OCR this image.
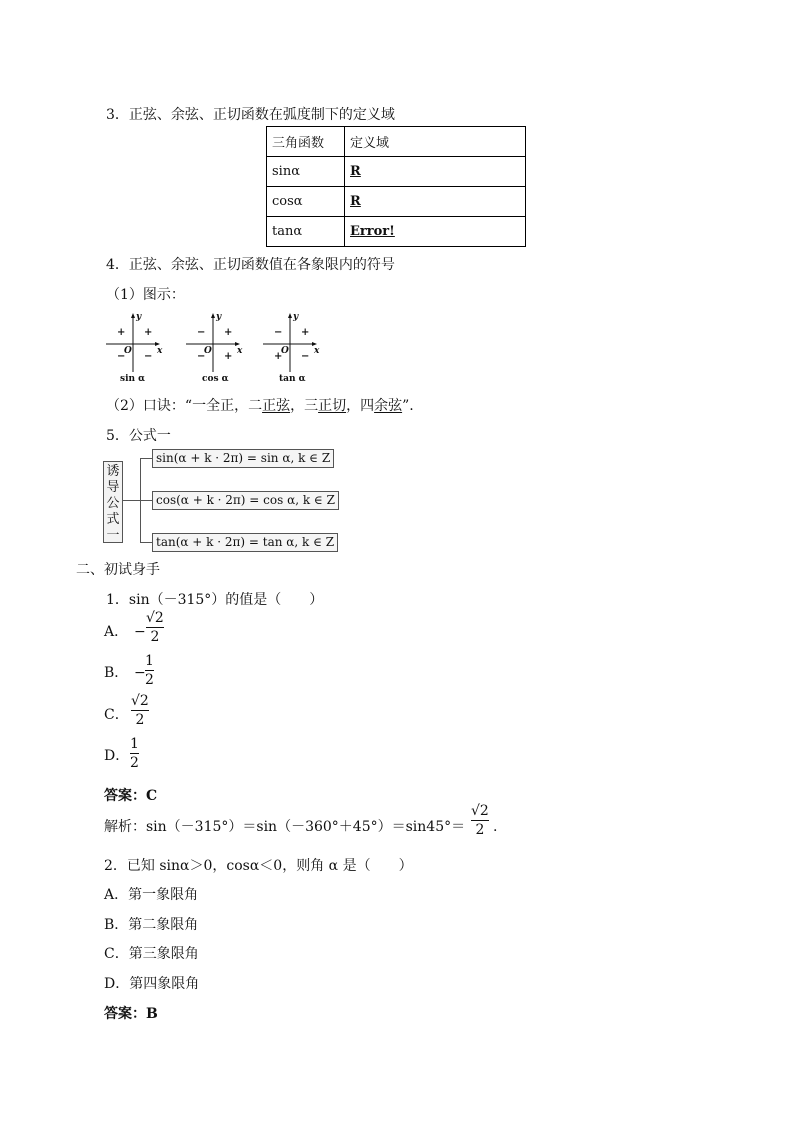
3．正弦、余弦、正切函数在弧度制下的定义域
三角函数	定义域
sinα	R
cosα	R
tanα	Error!
4．正弦、余弦、正切函数值在各象限内的符号
（1）图示：
y
x
O
+
+
− −
sin α
y
x
O
+
−
− +
cos α
y
x
O
+
−
+ −
tan α
（2）口诀：“一全正，二正弦，三正切，四余弦”.
5．公式一
诱
导
公
式
一
sin(α + k · 2π) = sin α, k ∈ Z
cos(α + k · 2π) = cos α, k ∈ Z
tan(α + k · 2π) = tan α, k ∈ Z
二、初试身手
1．sin（－315°）的值是（　　）
A． −
√2
2
B． −
1
2
C．
√2
2
D．
1
2
答案：C
解析：sin（－315°）＝sin（－360°＋45°）＝sin45°＝
√2
2 .
2．已知 sinα＞0，cosα＜0，则角 α 是（　　）
A．第一象限角
B．第二象限角
C．第三象限角
D．第四象限角
答案：B
